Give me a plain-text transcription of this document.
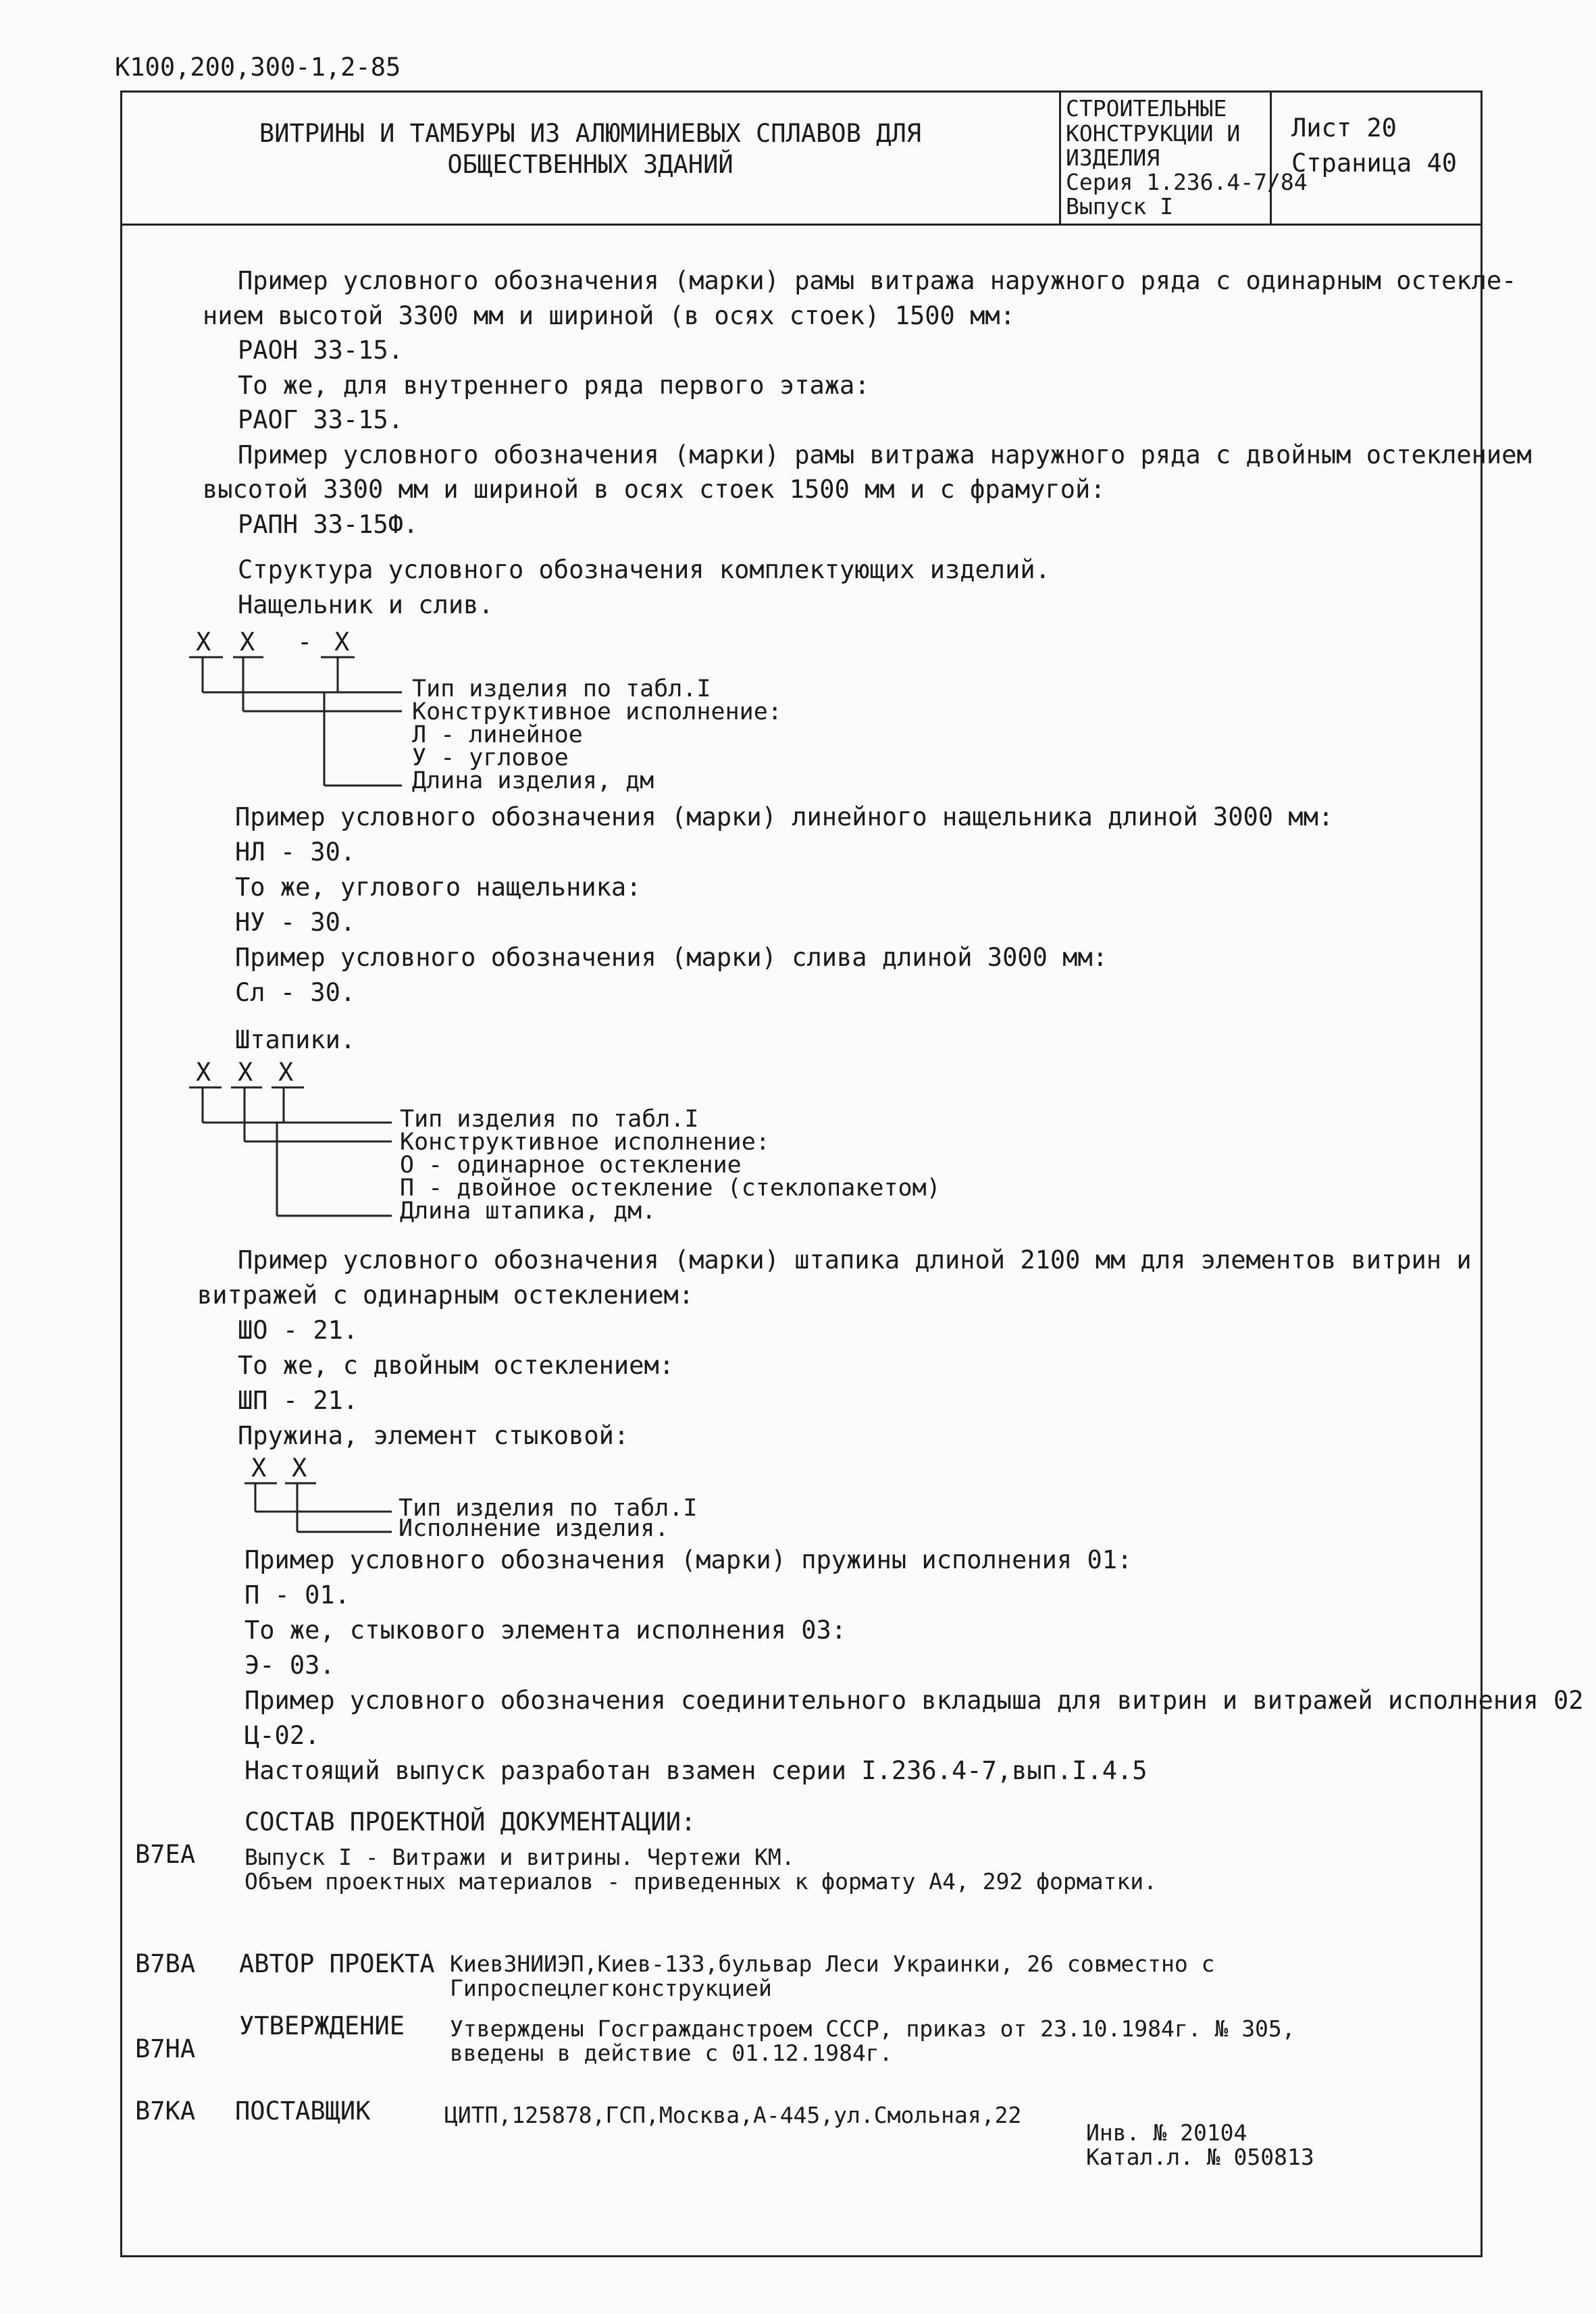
К100,200,300-1,2-85
ВИТРИНЫ И ТАМБУРЫ ИЗ АЛЮМИНИЕВЫХ СПЛАВОВ ДЛЯ
ОБЩЕСТВЕННЫХ ЗДАНИЙ
СТРОИТЕЛЬНЫЕ
КОНСТРУКЦИИ И
ИЗДЕЛИЯ
Серия 1.236.4-7/84
Выпуск I
Лист 20
Страница 40
Пример условного обозначения (марки) рамы витража наружного ряда с одинарным остекле-
нием высотой 3300 мм и шириной (в осях стоек) 1500 мм:
РАОН 33-15.
То же, для внутреннего ряда первого этажа:
РАОГ 33-15.
Пример условного обозначения (марки) рамы витража наружного ряда с двойным остеклением
высотой 3300 мм и шириной в осях стоек 1500 мм и с фрамугой:
РАПН 33-15Ф.
Структура условного обозначения комплектующих изделий.
Нащельник и слив.
Х Х - Х
Тип изделия по табл.I
Конструктивное исполнение:
Л - линейное
У - угловое
Длина изделия, дм
Пример условного обозначения (марки) линейного нащельника длиной 3000 мм:
НЛ - 30.
То же, углового нащельника:
НУ - 30.
Пример условного обозначения (марки) слива длиной 3000 мм:
Сл - 30.
Штапики.
Х Х Х
Тип изделия по табл.I
Конструктивное исполнение:
О - одинарное остекление
П - двойное остекление (стеклопакетом)
Длина штапика, дм.
Пример условного обозначения (марки) штапика длиной 2100 мм для элементов витрин и
витражей с одинарным остеклением:
ШО - 21.
То же, с двойным остеклением:
ШП - 21.
Пружина, элемент стыковой:
Х Х
Тип изделия по табл.I
Исполнение изделия.
Пример условного обозначения (марки) пружины исполнения 01:
П - 01.
То же, стыкового элемента исполнения 03:
Э- 03.
Пример условного обозначения соединительного вкладыша для витрин и витражей исполнения 02
Ц-02.
Настоящий выпуск разработан взамен серии I.236.4-7,вып.I.4.5
СОСТАВ ПРОЕКТНОЙ ДОКУМЕНТАЦИИ:
В7ЕА Выпуск I - Витражи и витрины. Чертежи КМ.
Объем проектных материалов - приведенных к формату А4, 292 форматки.
В7ВА АВТОР ПРОЕКТА КиевЗНИИЭП,Киев-133,бульвар Леси Украинки, 26 совместно с
Гипроспецлегконструкцией
В7НА
УТВЕРЖДЕНИЕ Утверждены Госгражданстроем СССР, приказ от 23.10.1984г. № 305,
введены в действие с 01.12.1984г.
В7КА ПОСТАВЩИК	ЦИТП,125878,ГСП,Москва,А-445,ул.Смольная,22
Инв. № 20104
Катал.л. № 050813
